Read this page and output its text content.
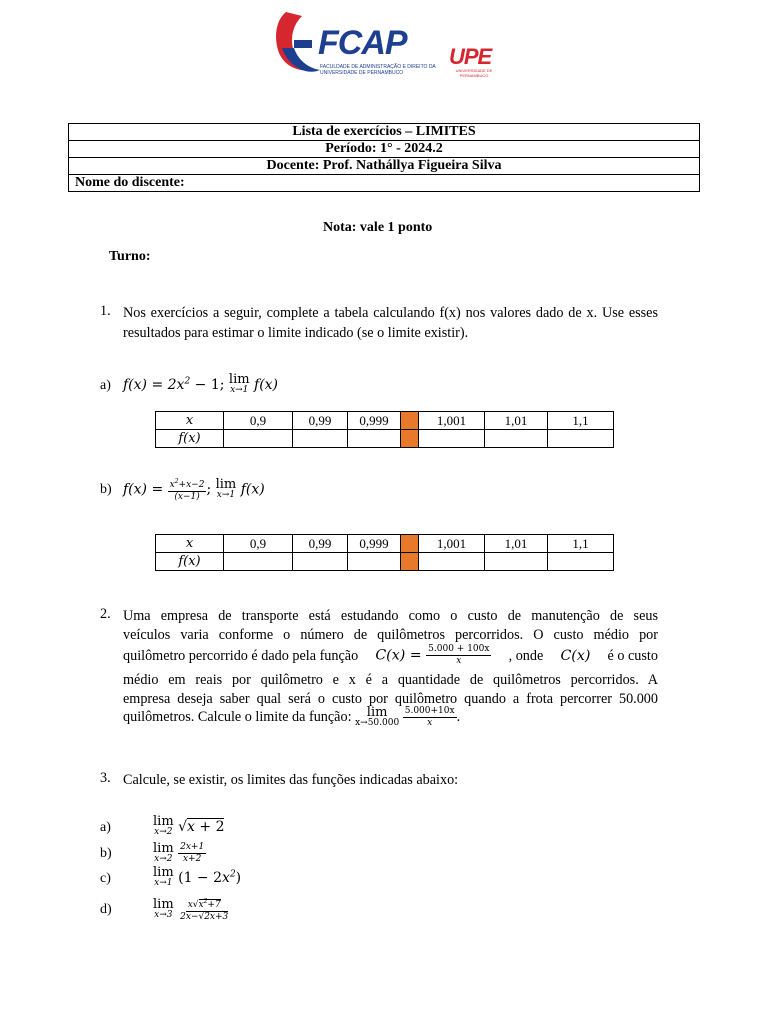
FCAP
FACULDADE DE ADMINISTRAÇÃO E DIREITO DA UNIVERSIDADE DE PERNAMBUCO
UPE
UNIVERSIDADE DE PERNAMBUCO
Lista de exercícios – LIMITES
Período: 1° - 2024.2
Docente: Prof. Nathállya Figueira Silva
Nome do discente:
Nota: vale 1 ponto
Turno:
1. Nos exercícios a seguir, complete a tabela calculando f(x) nos valores dado de x. Use esses resultados para estimar o limite indicado (se o limite existir).
a) $f(x) = 2x^2 - 1$; lim
x→1 f(x)
x	0,9	0,99	0,999		1,001	1,01	1,1
f(x)							
b) $f(x) = \frac{x^2+x-2}{(x-1)}$ ; lim
x→1 f(x)
x	0,9	0,99	0,999		1,001	1,01	1,1
f(x)							
2. Uma empresa de transporte está estudando como o custo de manutenção de seus
veículos varia conforme o número de quilômetros percorridos. O custo médio por
quilômetro percorrido é dado pela função $C(x) = \frac{5.000 + 100x}{x}$ , onde C(x) é o custo
médio em reais por quilômetro e x é a quantidade de quilômetros percorridos. A
empresa deseja saber qual será o custo por quilômetro quando a frota percorrer 50.000
quilômetros. Calcule o limite da função: lim
x→50.000
$\frac{5.000+10x}{x}$ .
3. Calcule, se existir, os limites das funções indicadas abaixo:
a)	lim
x→2 √x + 2
b)	lim
x→2
$\frac{2x+1}{x+2}$
c)	lim
x→1 $(1 - 2x^2)$
d)	lim
x→3
$\frac{x√x^2+7}{2x-√2x+3}$
